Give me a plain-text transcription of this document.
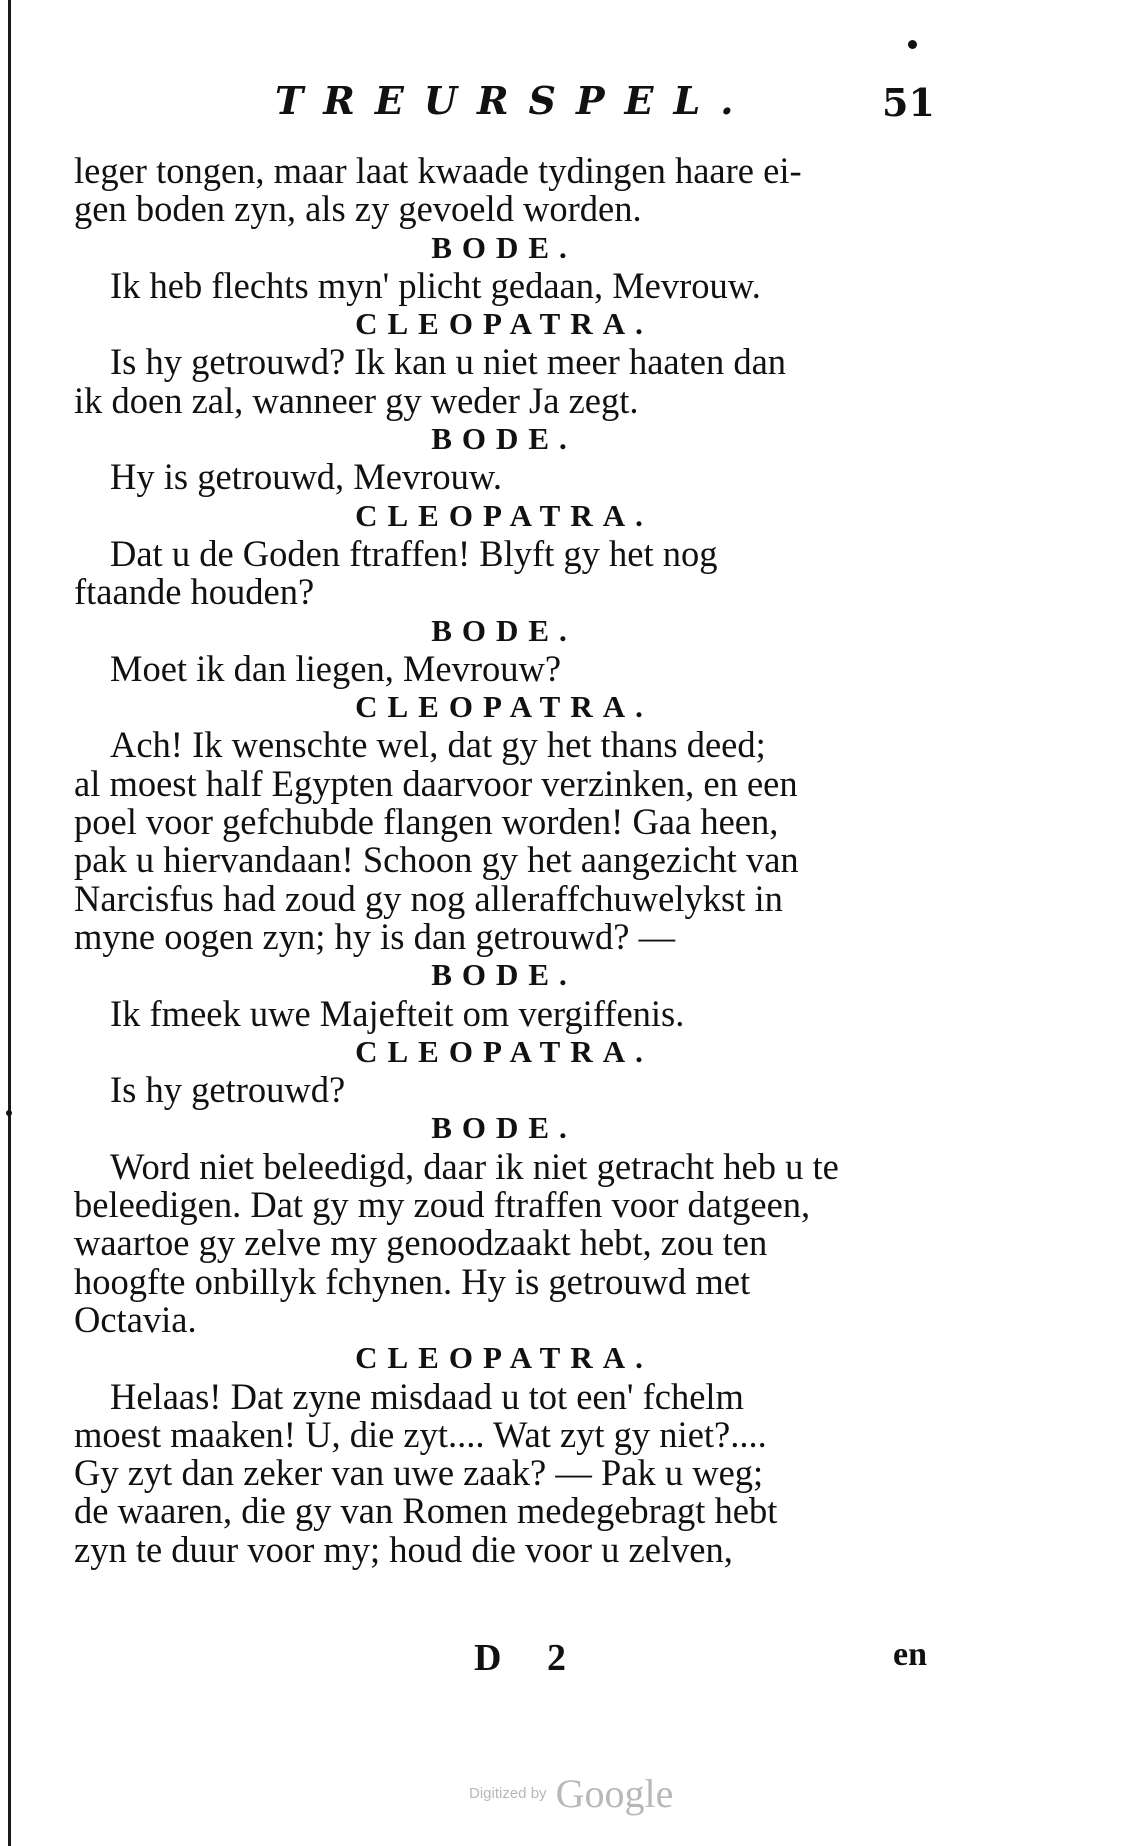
TREURSPEL.	51
leger tongen, maar laat kwaade tydingen haare ei-
gen boden zyn, als zy gevoeld worden.
BODE.
Ik heb flechts myn' plicht gedaan, Mevrouw.
CLEOPATRA.
Is hy getrouwd? Ik kan u niet meer haaten dan
ik doen zal, wanneer gy weder Ja zegt.
BODE.
Hy is getrouwd, Mevrouw.
CLEOPATRA.
Dat u de Goden ftraffen! Blyft gy het nog
ftaande houden?
BODE.
Moet ik dan liegen, Mevrouw?
CLEOPATRA.
Ach! Ik wenschte wel, dat gy het thans deed;
al moest half Egypten daarvoor verzinken, en een
poel voor gefchubde flangen worden! Gaa heen,
pak u hiervandaan! Schoon gy het aangezicht van
Narcisfus had zoud gy nog alleraffchuwelykst in
myne oogen zyn; hy is dan getrouwd? —
BODE.
Ik fmeek uwe Majefteit om vergiffenis.
CLEOPATRA.
Is hy getrouwd?
BODE.
Word niet beleedigd, daar ik niet getracht heb u te
beleedigen. Dat gy my zoud ftraffen voor datgeen,
waartoe gy zelve my genoodzaakt hebt, zou ten
hoogfte onbillyk fchynen. Hy is getrouwd met
Octavia.
CLEOPATRA.
Helaas! Dat zyne misdaad u tot een' fchelm
moest maaken! U, die zyt.... Wat zyt gy niet?....
Gy zyt dan zeker van uwe zaak? — Pak u weg;
de waaren, die gy van Romen medegebragt hebt
zyn te duur voor my; houd die voor u zelven,
D 2	en
Digitized by Google
